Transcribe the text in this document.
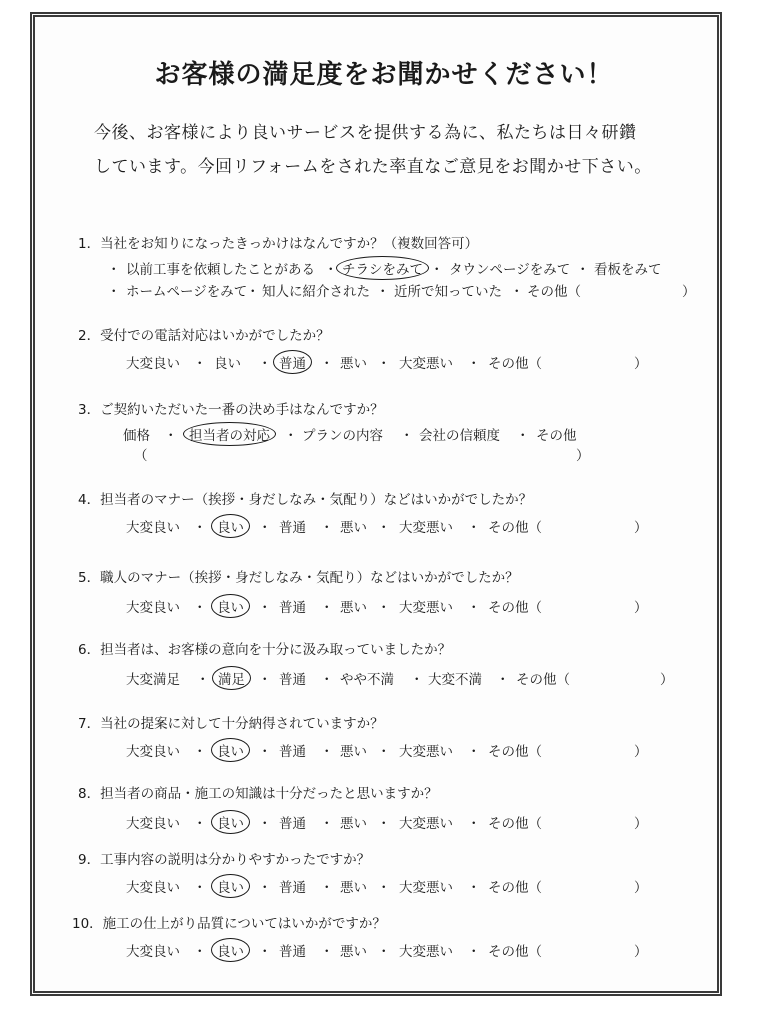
お客様の満足度をお聞かせください！
今後、お客様により良いサービスを提供する為に、私たちは日々研鑽
しています。今回リフォームをされた率直なご意見をお聞かせ下さい。
1．当社をお知りになったきっかけはなんですか？（複数回答可）
・ 以前工事を依頼したことがある ・ チラシをみて ・ タウンページをみて ・ 看板をみて
・ ホームページをみて
・ 知人に紹介された ・ 近所で知っていた ・ その他（	）
2．受付での電話対応はいかがでしたか？
大変良い ・ 良い ・ 普通	・ 悪い ・ 大変悪い ・ その他（	）
3．ご契約いただいた一番の決め手はなんですか？
価格 ・ 担当者の対応	・ プランの内容 ・ 会社の信頼度 ・ その他
（	）
4．担当者のマナー（挨拶・身だしなみ・気配り）などはいかがでしたか？
大変良い ・ 良い	・ 普通 ・ 悪い ・ 大変悪い ・ その他（	）
5．職人のマナー（挨拶・身だしなみ・気配り）などはいかがでしたか？
大変良い ・ 良い	・ 普通 ・ 悪い ・ 大変悪い ・ その他（	）
6．担当者は、お客様の意向を十分に汲み取っていましたか？
大変満足 ・ 満足 ・ 普通 ・ やや不満 ・ 大変不満 ・ その他（	）
7．当社の提案に対して十分納得されていますか？
大変良い ・ 良い	・ 普通 ・ 悪い ・ 大変悪い ・ その他（	）
8．担当者の商品・施工の知識は十分だったと思いますか？
大変良い ・ 良い	・ 普通 ・ 悪い ・ 大変悪い ・ その他（	）
9．工事内容の説明は分かりやすかったですか？
大変良い ・ 良い	・ 普通 ・ 悪い ・ 大変悪い ・ その他（	）
10．施工の仕上がり品質についてはいかがですか？
大変良い ・ 良い	・ 普通 ・ 悪い ・ 大変悪い ・ その他（	）
